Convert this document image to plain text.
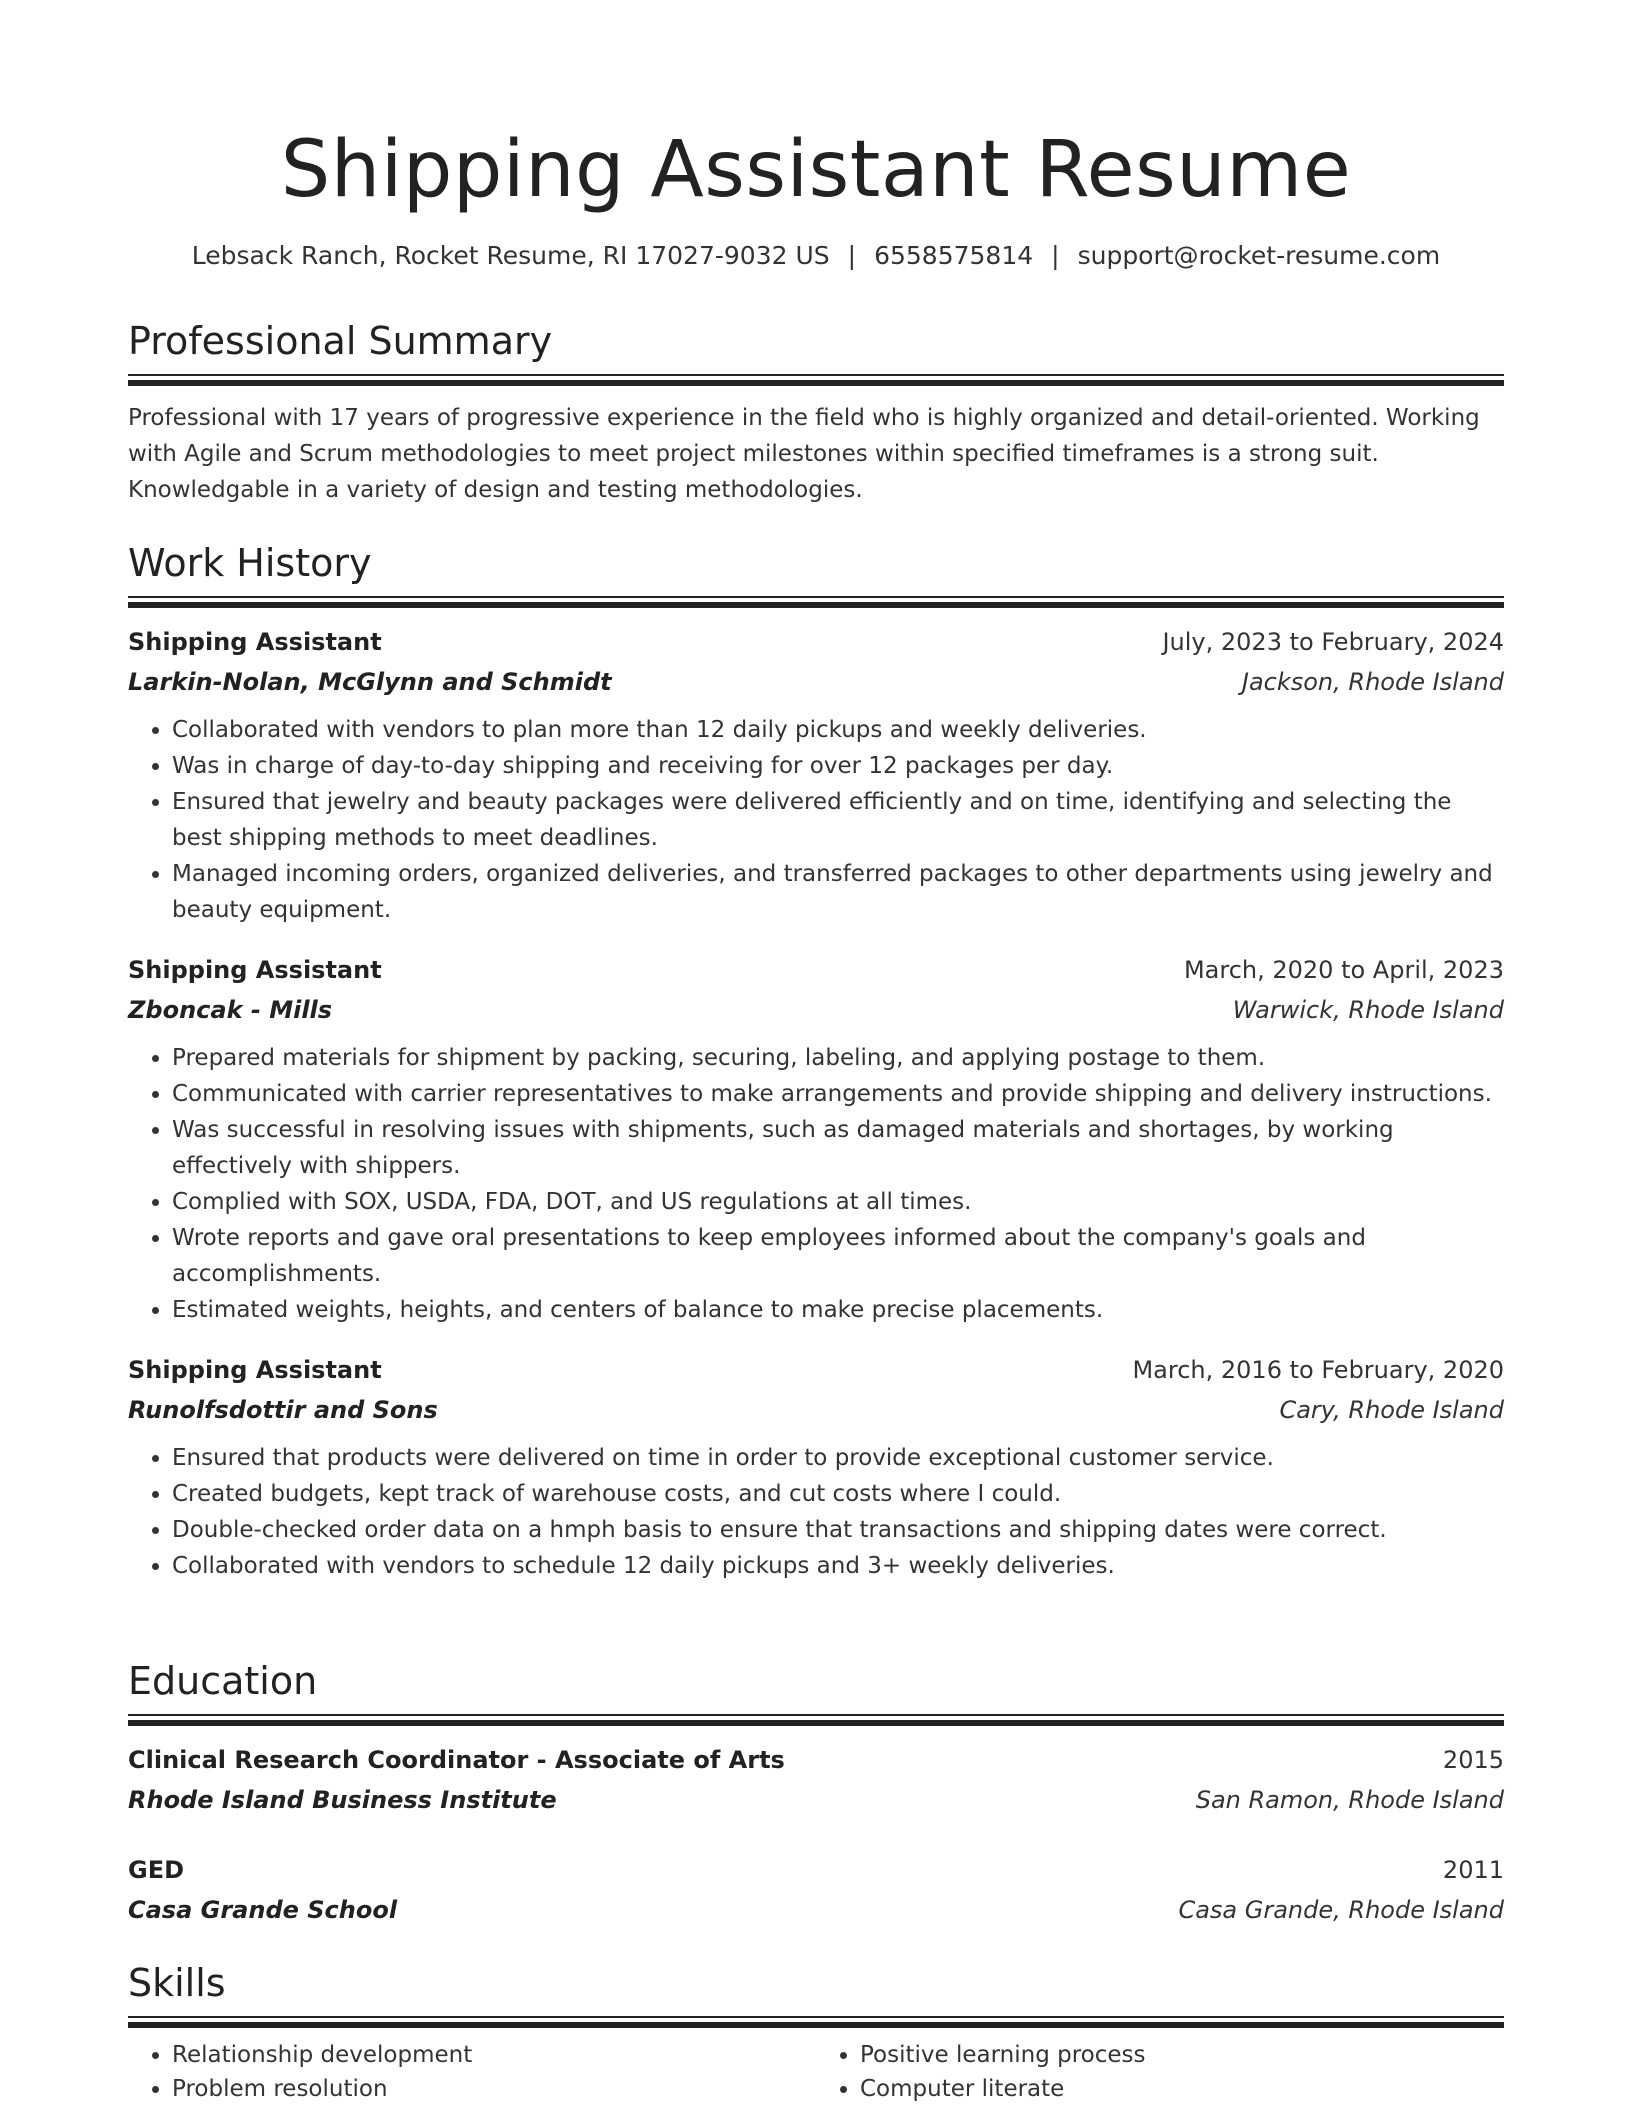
Shipping Assistant Resume
Lebsack Ranch, Rocket Resume, RI 17027-9032 US | 6558575814 | support@rocket-resume.com
Professional Summary

Professional with 17 years of progressive experience in the field who is highly organized and detail-oriented. Working with Agile and Scrum methodologies to meet project milestones within specified timeframes is a strong suit. Knowledgable in a variety of design and testing methodologies.

Work History
Shipping Assistant	July, 2023 to February, 2024
Larkin-Nolan, McGlynn and Schmidt	Jackson, Rhode Island
• Collaborated with vendors to plan more than 12 daily pickups and weekly deliveries.
• Was in charge of day-to-day shipping and receiving for over 12 packages per day.
• Ensured that jewelry and beauty packages were delivered efficiently and on time, identifying and selecting the best shipping methods to meet deadlines.
• Managed incoming orders, organized deliveries, and transferred packages to other departments using jewelry and beauty equipment.
Shipping Assistant	March, 2020 to April, 2023
Zboncak - Mills	Warwick, Rhode Island
• Prepared materials for shipment by packing, securing, labeling, and applying postage to them.
• Communicated with carrier representatives to make arrangements and provide shipping and delivery instructions.
• Was successful in resolving issues with shipments, such as damaged materials and shortages, by working effectively with shippers.
• Complied with SOX, USDA, FDA, DOT, and US regulations at all times.
• Wrote reports and gave oral presentations to keep employees informed about the company's goals and accomplishments.
• Estimated weights, heights, and centers of balance to make precise placements.
Shipping Assistant	March, 2016 to February, 2020
Runolfsdottir and Sons	Cary, Rhode Island
• Ensured that products were delivered on time in order to provide exceptional customer service.
• Created budgets, kept track of warehouse costs, and cut costs where I could.
• Double-checked order data on a hmph basis to ensure that transactions and shipping dates were correct.
• Collaborated with vendors to schedule 12 daily pickups and 3+ weekly deliveries.
Education
Clinical Research Coordinator - Associate of Arts	2015
Rhode Island Business Institute	San Ramon, Rhode Island
GED	2011
Casa Grande School	Casa Grande, Rhode Island
Skills
• Relationship development
• Problem resolution
• Positive learning process
• Computer literate
